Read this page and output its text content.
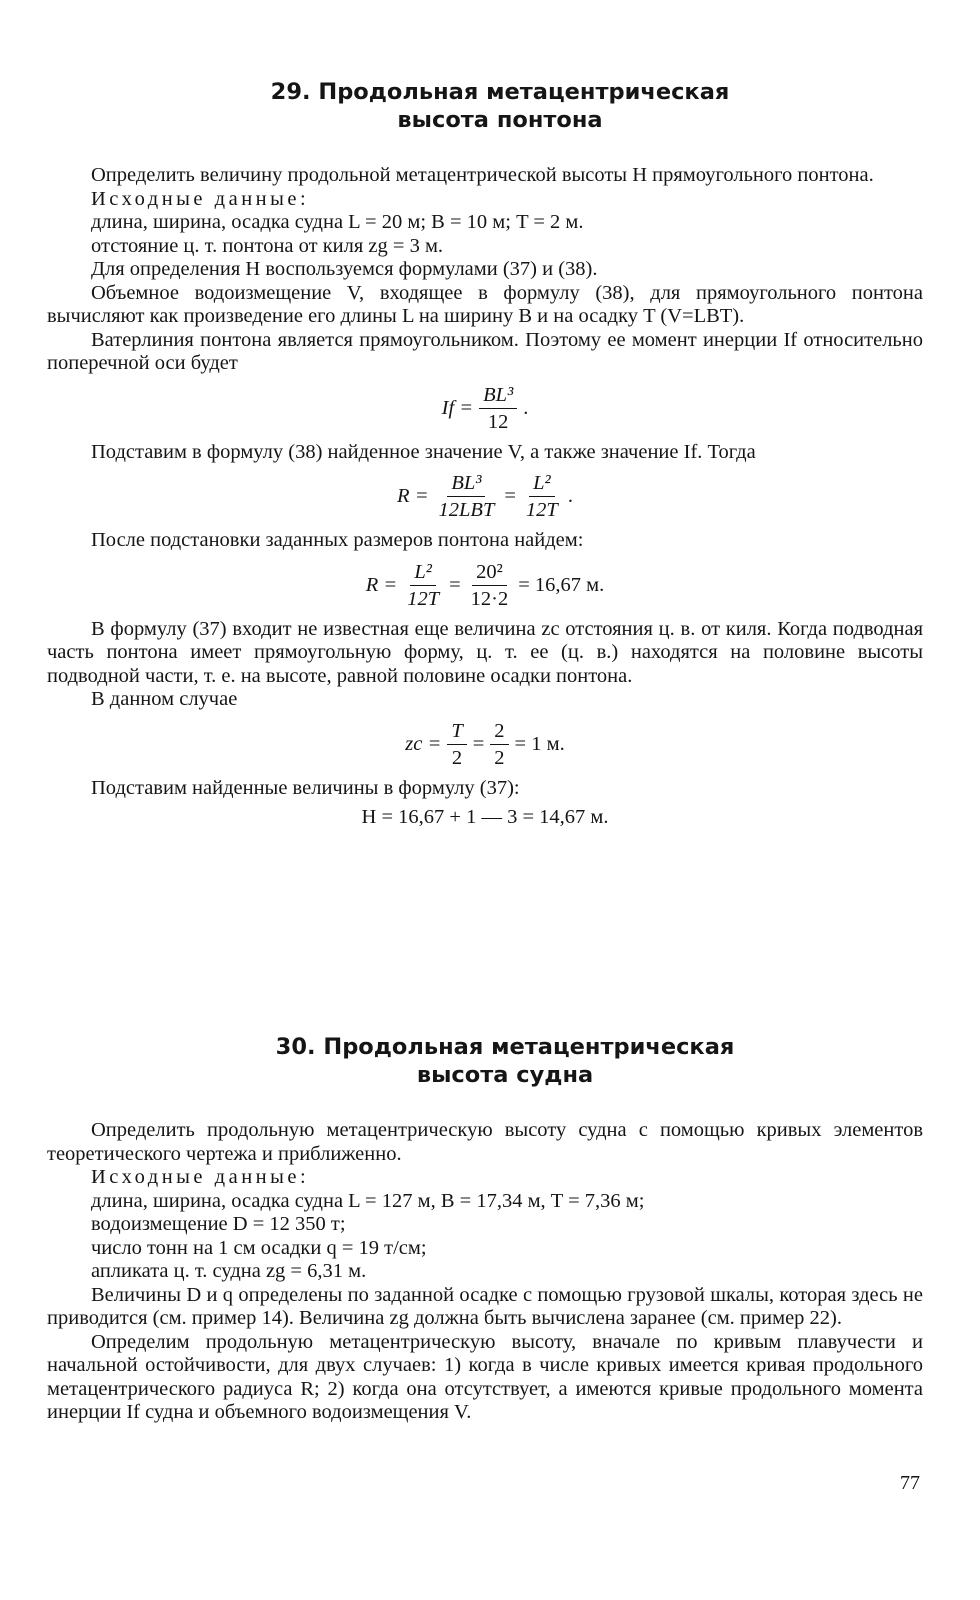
29. Продольная метацентрическая
высота понтона

Определить величину продольной метацентрической высоты H прямоугольного понтона.

Исходные данные:
длина, ширина, осадка судна L = 20 м; B = 10 м; T = 2 м.
отстояние ц. т. понтона от киля zg = 3 м.

Для определения H воспользуемся формулами (37) и (38).

Объемное водоизмещение V, входящее в формулу (38), для прямоугольного понтона вычисляют как произведение его длины L на ширину B и на осадку T (V=LBT).

Ватерлиния понтона является прямоугольником. Поэтому ее момент инерции If относительно поперечной оси будет

$If = \frac{\text{BL³}}{12}$ .

Подставим в формулу (38) найденное значение V, а также значение If. Тогда

$R = \frac{\text{BL³}}{\text{12LBT}} = \frac{\text{L²}}{12T}$ .

После подстановки заданных размеров понтона найдем:

$R = \frac{\text{L²}}{12T} = \frac{\text{20²}}{12\cdot 2} = 16,67$ м.

В формулу (37) входит не известная еще величина zc отстояния ц. в. от киля. Когда подводная часть понтона имеет прямоугольную форму, ц. т. ее (ц. в.) находятся на половине высоты подводной части, т. е. на высоте, равной половине осадки понтона.

В данном случае

zc = $\frac{T}{2} = \frac{2}{2} = 1$ м.

Подставим найденные величины в формулу (37):

H = 16,67 + 1 — 3 = 14,67 м.
30. Продольная метацентрическая
высота судна

Определить продольную метацентрическую высоту судна с помощью кривых элементов теоретического чертежа и приближенно.

Исходные данные:
длина, ширина, осадка судна L = 127 м, B = 17,34 м, T = 7,36 м;
водоизмещение D = 12 350 т;
число тонн на 1 см осадки q = 19 т/см;
апликата ц. т. судна zg = 6,31 м.

Величины D и q определены по заданной осадке с помощью грузовой шкалы, которая здесь не приводится (см. пример 14). Величина zg должна быть вычислена заранее (см. пример 22).

Определим продольную метацентрическую высоту, вначале по кривым плавучести и начальной остойчивости, для двух случаев: 1) когда в числе кривых имеется кривая продольного метацентрического радиуса R; 2) когда она отсутствует, а имеются кривые продольного момента инерции If судна и объемного водоизмещения V.

77
